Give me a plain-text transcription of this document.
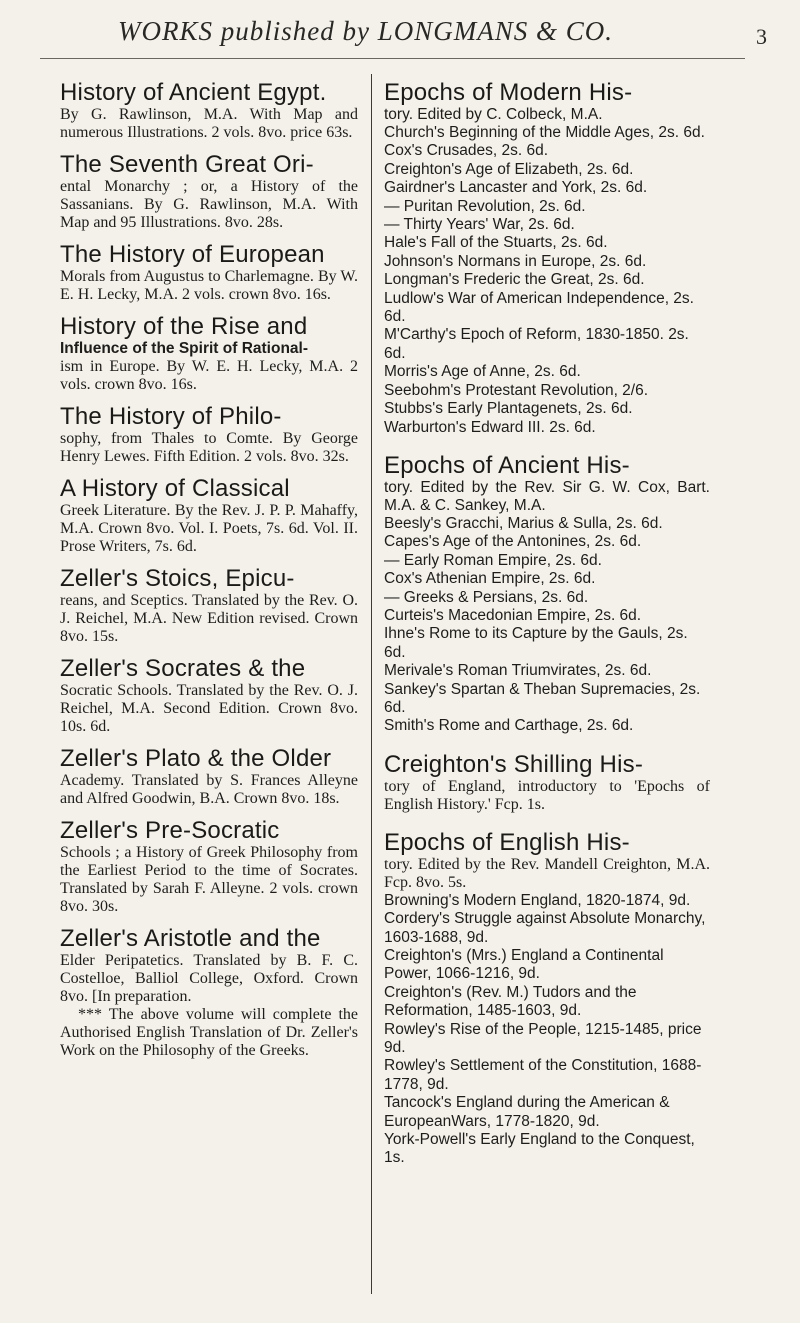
WORKS published by LONGMANS & CO.	3
History of Ancient Egypt.
By G. Rawlinson, M.A. With Map and numerous Illustrations. 2 vols. 8vo. price 63s.
The Seventh Great Ori-
ental Monarchy ; or, a History of the Sassanians. By G. Rawlinson, M.A. With Map and 95 Illustrations. 8vo. 28s.
The History of European
Morals from Augustus to Charlemagne. By W. E. H. Lecky, M.A. 2 vols. crown 8vo. 16s.
History of the Rise and
Influence of the Spirit of Rational-
ism in Europe. By W. E. H. Lecky, M.A. 2 vols. crown 8vo. 16s.
The History of Philo-
sophy, from Thales to Comte. By George Henry Lewes. Fifth Edition. 2 vols. 8vo. 32s.
A History of Classical
Greek Literature. By the Rev. J. P. P. Mahaffy, M.A. Crown 8vo. Vol. I. Poets, 7s. 6d. Vol. II. Prose Writers, 7s. 6d.
Zeller's Stoics, Epicu-
reans, and Sceptics. Translated by the Rev. O. J. Reichel, M.A. New Edition revised. Crown 8vo. 15s.
Zeller's Socrates & the
Socratic Schools. Translated by the Rev. O. J. Reichel, M.A. Second Edition. Crown 8vo. 10s. 6d.
Zeller's Plato & the Older
Academy. Translated by S. Frances Alleyne and Alfred Goodwin, B.A. Crown 8vo. 18s.
Zeller's Pre-Socratic
Schools ; a History of Greek Philosophy from the Earliest Period to the time of Socrates. Translated by Sarah F. Alleyne. 2 vols. crown 8vo. 30s.
Zeller's Aristotle and the
Elder Peripatetics. Translated by B. F. C. Costelloe, Balliol College, Oxford. Crown 8vo. [In preparation.
*** The above volume will complete the Authorised English Translation of Dr. Zeller's Work on the Philosophy of the Greeks.
Epochs of Modern His-
tory. Edited by C. Colbeck, M.A.
Church's Beginning of the Middle Ages, 2s. 6d.
Cox's Crusades, 2s. 6d.
Creighton's Age of Elizabeth, 2s. 6d.
Gairdner's Lancaster and York, 2s. 6d.
— Puritan Revolution, 2s. 6d.
— Thirty Years' War, 2s. 6d.
Hale's Fall of the Stuarts, 2s. 6d.
Johnson's Normans in Europe, 2s. 6d.
Longman's Frederic the Great, 2s. 6d.
Ludlow's War of American Independence, 2s. 6d.
M'Carthy's Epoch of Reform, 1830-1850. 2s. 6d.
Morris's Age of Anne, 2s. 6d.
Seebohm's Protestant Revolution, 2/6.
Stubbs's Early Plantagenets, 2s. 6d.
Warburton's Edward III. 2s. 6d.
Epochs of Ancient His-
tory. Edited by the Rev. Sir G. W. Cox, Bart. M.A. & C. Sankey, M.A.
Beesly's Gracchi, Marius & Sulla, 2s. 6d.
Capes's Age of the Antonines, 2s. 6d.
— Early Roman Empire, 2s. 6d.
Cox's Athenian Empire, 2s. 6d.
— Greeks & Persians, 2s. 6d.
Curteis's Macedonian Empire, 2s. 6d.
Ihne's Rome to its Capture by the Gauls, 2s. 6d.
Merivale's Roman Triumvirates, 2s. 6d.
Sankey's Spartan & Theban Supremacies, 2s. 6d.
Smith's Rome and Carthage, 2s. 6d.
Creighton's Shilling His-
tory of England, introductory to 'Epochs of English History.' Fcp. 1s.
Epochs of English His-
tory. Edited by the Rev. Mandell Creighton, M.A. Fcp. 8vo. 5s.
Browning's Modern England, 1820-1874, 9d.
Cordery's Struggle against Absolute Monarchy, 1603-1688, 9d.
Creighton's (Mrs.) England a Continental Power, 1066-1216, 9d.
Creighton's (Rev. M.) Tudors and the Reformation, 1485-1603, 9d.
Rowley's Rise of the People, 1215-1485, price 9d.
Rowley's Settlement of the Constitution, 1688-1778, 9d.
Tancock's England during the American & EuropeanWars, 1778-1820, 9d.
York-Powell's Early England to the Conquest, 1s.
